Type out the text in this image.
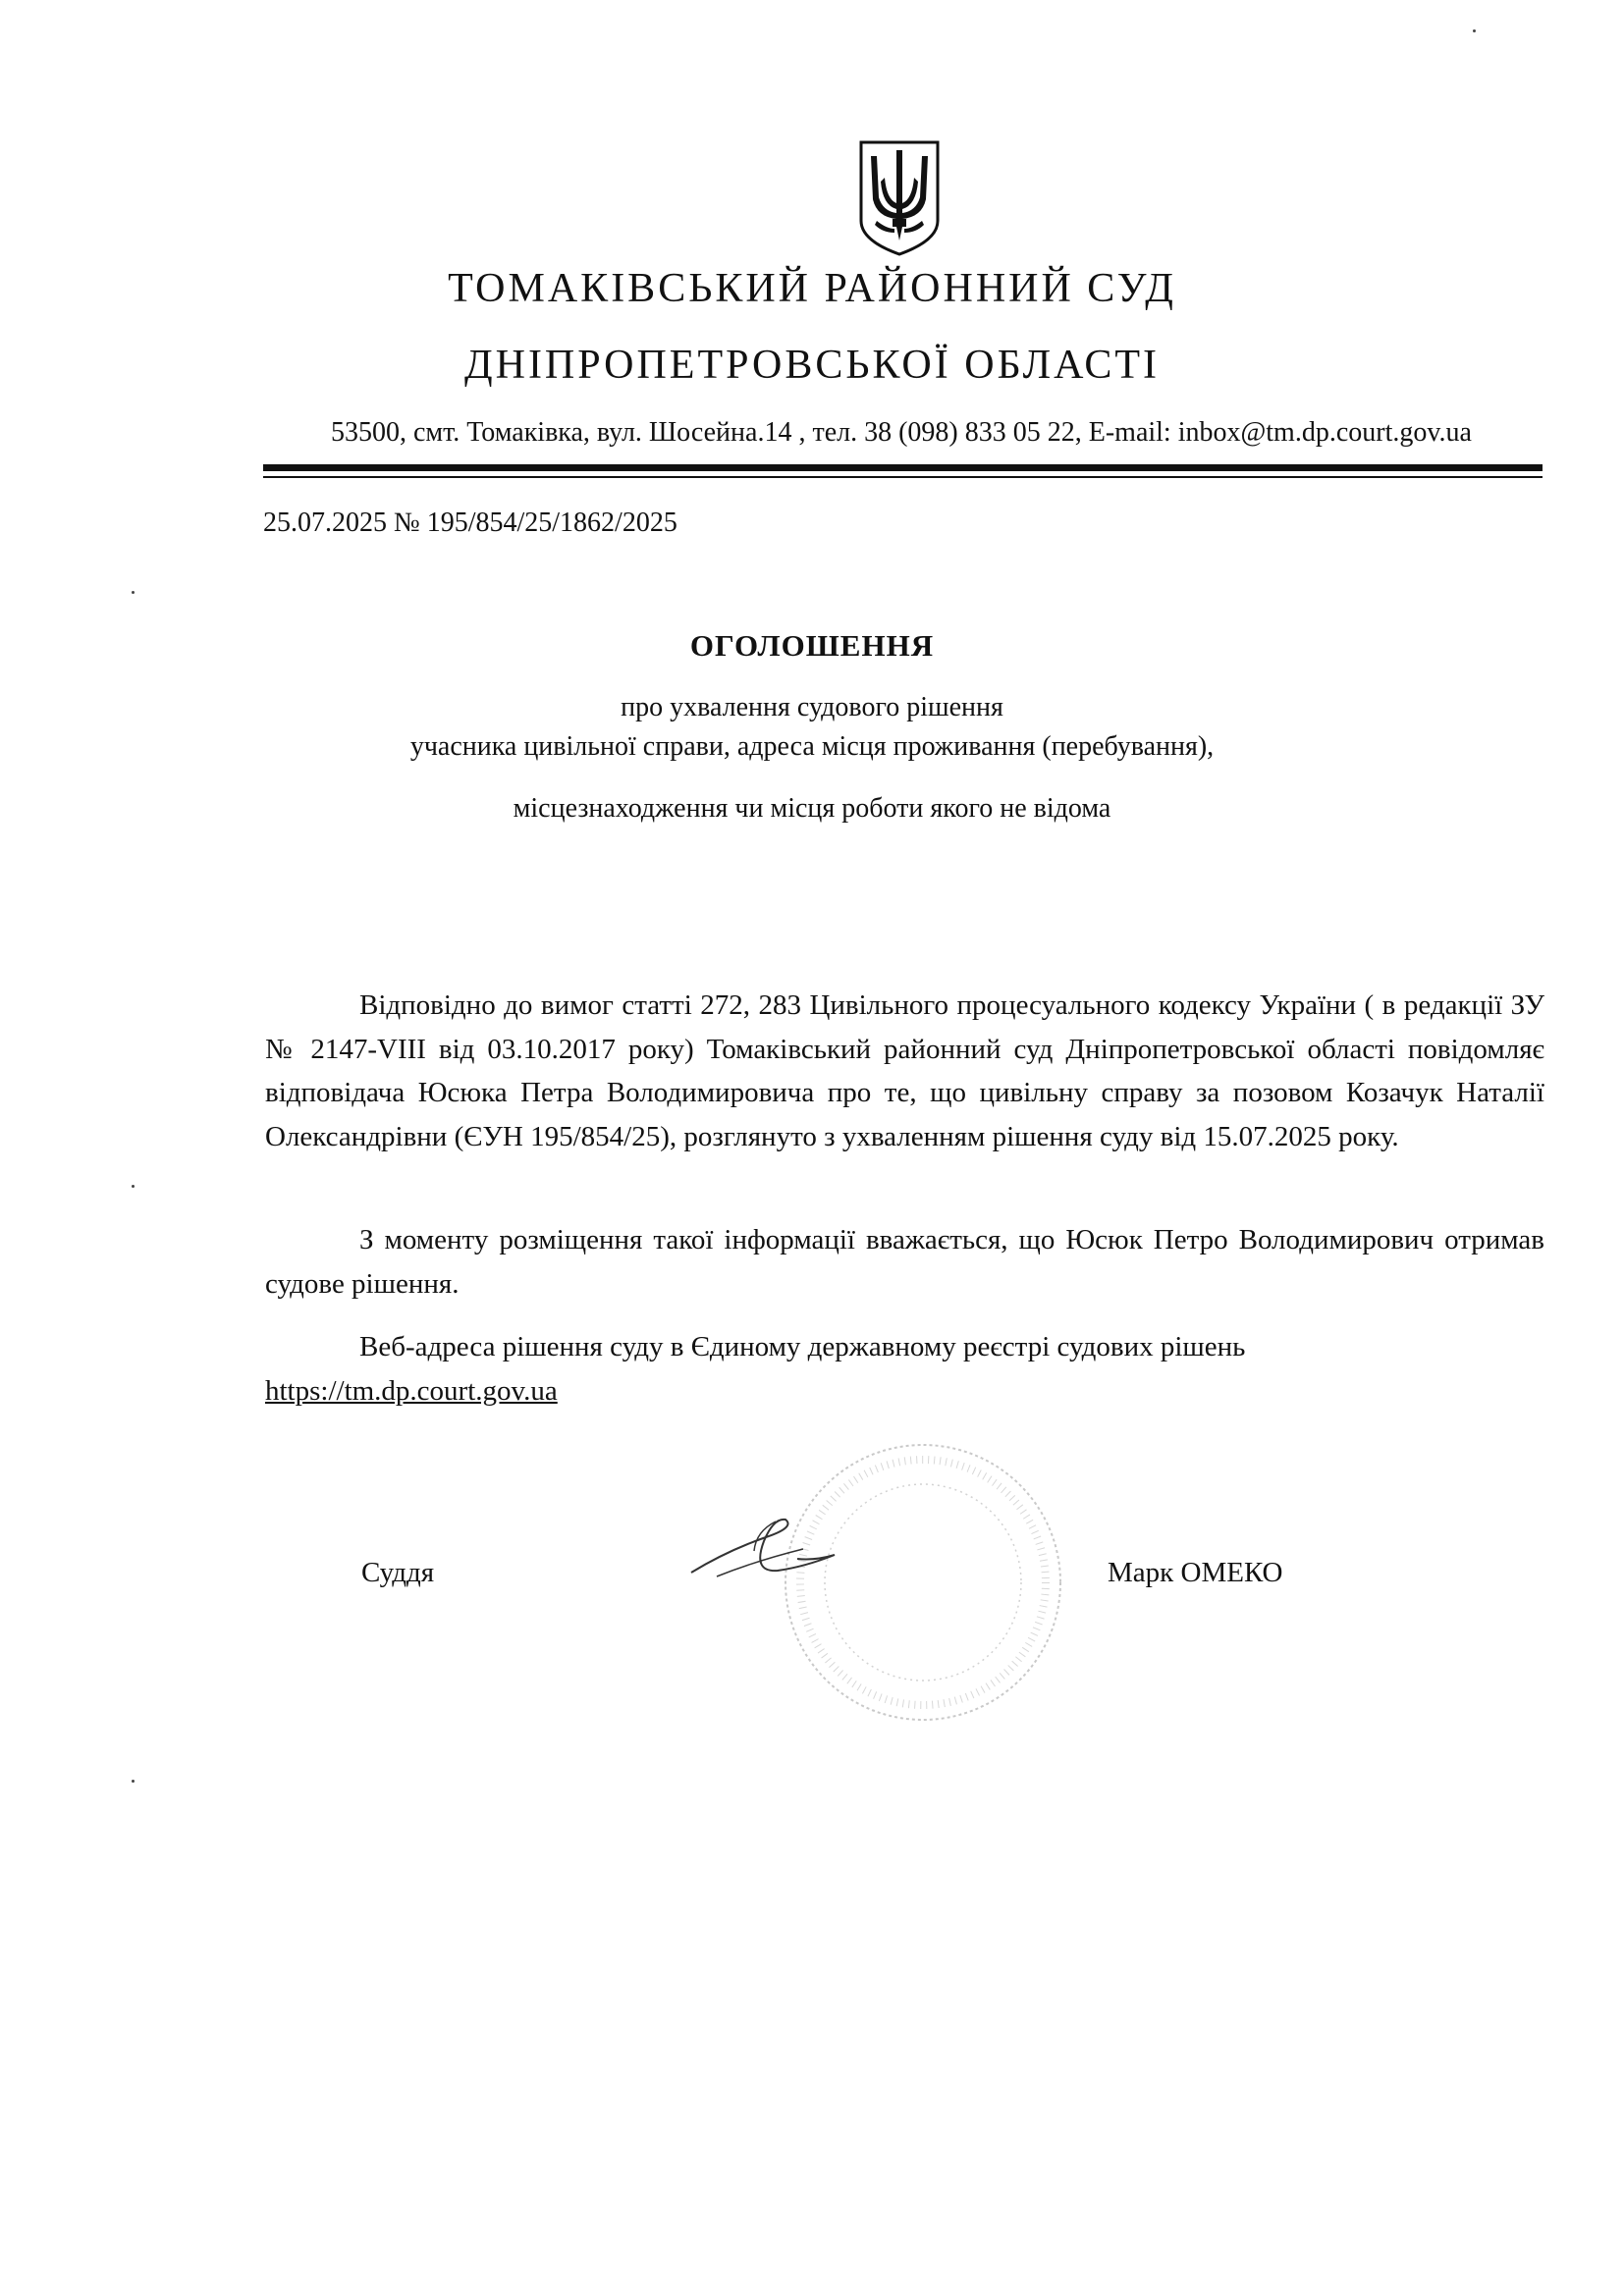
ТОМАКІВСЬКИЙ РАЙОННИЙ СУД
ДНІПРОПЕТРОВСЬКОЇ ОБЛАСТІ
53500, смт. Томаківка, вул. Шосейна.14 , тел. 38 (098) 833 05 22, E-mail: inbox@tm.dp.court.gov.ua
25.07.2025 № 195/854/25/1862/2025
ОГОЛОШЕННЯ
про ухвалення судового рішення
учасника цивільної справи, адреса місця проживання (перебування),
місцезнаходження чи місця роботи якого не відома
Відповідно до вимог статті 272, 283 Цивільного процесуального кодексу України ( в редакції ЗУ № 2147-VIII від 03.10.2017 року) Томаківський районний суд Дніпропетровської області повідомляє відповідача Юсюка Петра Володимировича про те, що цивільну справу за позовом Козачук Наталії Олександрівни (ЄУН 195/854/25), розглянуто з ухваленням рішення суду від 15.07.2025 року.
З моменту розміщення такої інформації вважається, що Юсюк Петро Володимирович отримав судове рішення.
Веб-адреса рішення суду в Єдиному державному реєстрі судових рішень
https://tm.dp.court.gov.ua
Суддя	Марк ОМЕКО
